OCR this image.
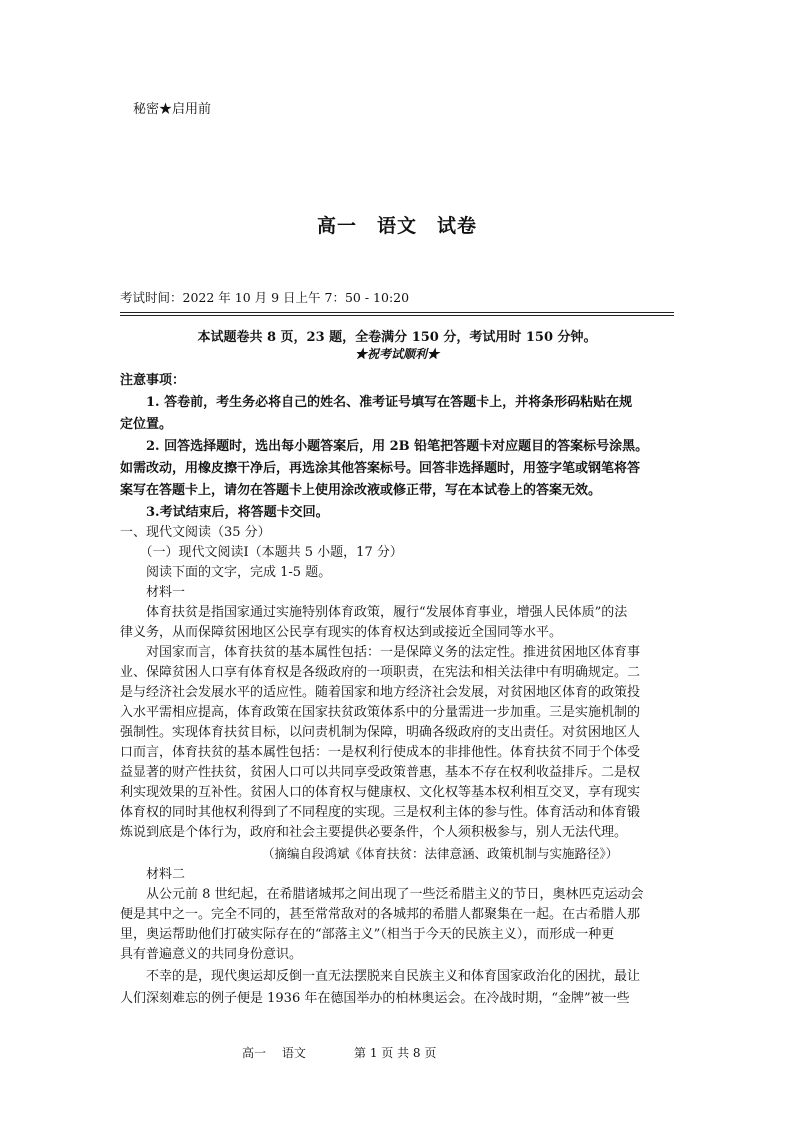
秘密★启用前
高一　语文　试卷
考试时间：2022 年 10 月 9 日上午 7：50 - 10:20
本试题卷共 8 页，23 题，全卷满分 150 分，考试用时 150 分钟。
★祝考试顺利★
注意事项：
　　1. 答卷前，考生务必将自己的姓名、准考证号填写在答题卡上，并将条形码粘贴在规
定位置。
　　2. 回答选择题时，选出每小题答案后，用 2B 铅笔把答题卡对应题目的答案标号涂黑。
如需改动，用橡皮擦干净后，再选涂其他答案标号。回答非选择题时，用签字笔或钢笔将答
案写在答题卡上，请勿在答题卡上使用涂改液或修正带，写在本试卷上的答案无效。
　　3.考试结束后，将答题卡交回。
一、现代文阅读（35 分）
　　（一）现代文阅读Ⅰ（本题共 5 小题，17 分）
　　阅读下面的文字，完成 1-5 题。
　　材料一
　　体育扶贫是指国家通过实施特别体育政策，履行“发展体育事业，增强人民体质”的法
律义务，从而保障贫困地区公民享有现实的体育权达到或接近全国同等水平。
　　对国家而言，体育扶贫的基本属性包括：一是保障义务的法定性。推进贫困地区体育事
业、保障贫困人口享有体育权是各级政府的一项职责，在宪法和相关法律中有明确规定。二
是与经济社会发展水平的适应性。随着国家和地方经济社会发展，对贫困地区体育的政策投
入水平需相应提高，体育政策在国家扶贫政策体系中的分量需进一步加重。三是实施机制的
强制性。实现体育扶贫目标，以问责机制为保障，明确各级政府的支出责任。对贫困地区人
口而言，体育扶贫的基本属性包括：一是权利行使成本的非排他性。体育扶贫不同于个体受
益显著的财产性扶贫，贫困人口可以共同享受政策普惠，基本不存在权利收益排斥。二是权
利实现效果的互补性。贫困人口的体育权与健康权、文化权等基本权利相互交叉，享有现实
体育权的同时其他权利得到了不同程度的实现。三是权利主体的参与性。体育活动和体育锻
炼说到底是个体行为，政府和社会主要提供必要条件，个人须积极参与，别人无法代理。
（摘编自段鸿斌《体育扶贫：法律意涵、政策机制与实施路径》）
　　材料二
　　从公元前 8 世纪起，在希腊诸城邦之间出现了一些泛希腊主义的节日，奥林匹克运动会
便是其中之一。完全不同的，甚至常常敌对的各城邦的希腊人都聚集在一起。在古希腊人那
里，奥运帮助他们打破实际存在的“部落主义”（相当于今天的民族主义），而形成一种更
具有普遍意义的共同身份意识。
　　不幸的是，现代奥运却反倒一直无法摆脱来自民族主义和体育国家政治化的困扰，最让
人们深刻难忘的例子便是 1936 年在德国举办的柏林奥运会。在冷战时期，“金牌”被一些
高一　 语文	第 1 页 共 8 页
